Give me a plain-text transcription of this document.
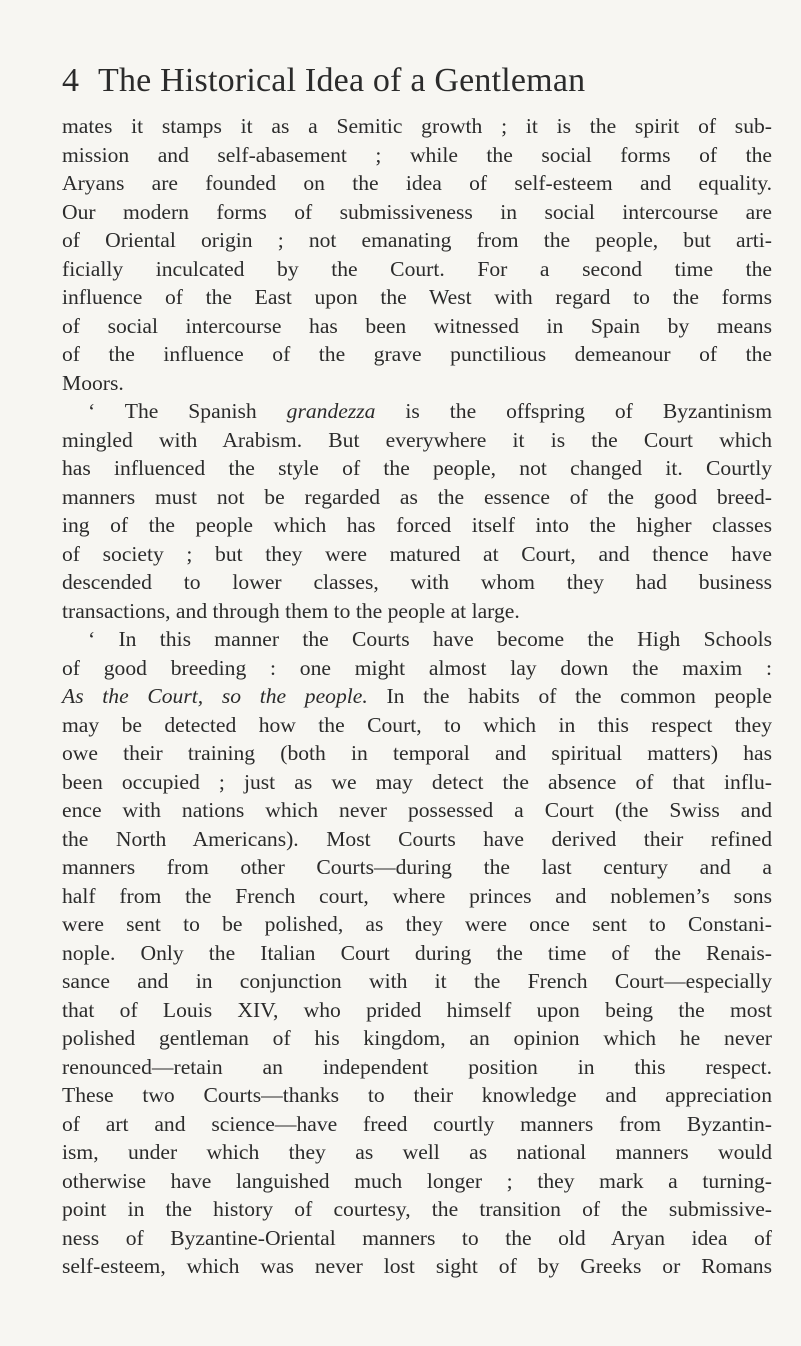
4 The Historical Idea of a Gentleman
mates it stamps it as a Semitic growth ; it is the spirit of sub-
mission and self-abasement ; while the social forms of the
Aryans are founded on the idea of self-esteem and equality.
Our modern forms of submissiveness in social intercourse are
of Oriental origin ; not emanating from the people, but arti-
ficially inculcated by the Court. For a second time the
influence of the East upon the West with regard to the forms
of social intercourse has been witnessed in Spain by means
of the influence of the grave punctilious demeanour of the
Moors.
‘ The Spanish grandezza is the offspring of Byzantinism
mingled with Arabism. But everywhere it is the Court which
has influenced the style of the people, not changed it. Courtly
manners must not be regarded as the essence of the good breed-
ing of the people which has forced itself into the higher classes
of society ; but they were matured at Court, and thence have
descended to lower classes, with whom they had business
transactions, and through them to the people at large.
‘ In this manner the Courts have become the High Schools
of good breeding : one might almost lay down the maxim :
As the Court, so the people. In the habits of the common people
may be detected how the Court, to which in this respect they
owe their training (both in temporal and spiritual matters) has
been occupied ; just as we may detect the absence of that influ-
ence with nations which never possessed a Court (the Swiss and
the North Americans). Most Courts have derived their refined
manners from other Courts—during the last century and a
half from the French court, where princes and noblemen’s sons
were sent to be polished, as they were once sent to Constani-
nople. Only the Italian Court during the time of the Renais-
sance and in conjunction with it the French Court—especially
that of Louis XIV, who prided himself upon being the most
polished gentleman of his kingdom, an opinion which he never
renounced—retain an independent position in this respect.
These two Courts—thanks to their knowledge and appreciation
of art and science—have freed courtly manners from Byzantin-
ism, under which they as well as national manners would
otherwise have languished much longer ; they mark a turning-
point in the history of courtesy, the transition of the submissive-
ness of Byzantine-Oriental manners to the old Aryan idea of
self-esteem, which was never lost sight of by Greeks or Romans
